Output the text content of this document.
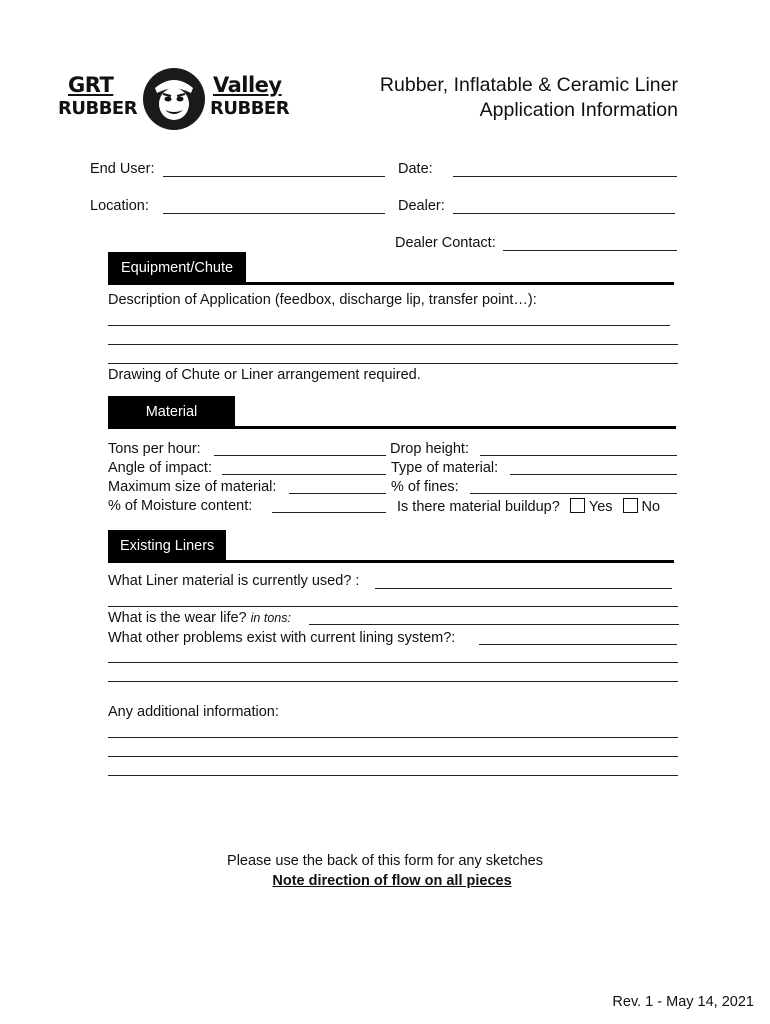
GRT
RUBBER
Valley
RUBBER
Rubber, Inflatable & Ceramic Liner
Application Information
End User:	Date:
Location:	Dealer:
Dealer Contact:
Equipment/Chute
Description of Application (feedbox, discharge lip, transfer point…):
Drawing of Chute or Liner arrangement required.
Material
Tons per hour:	Drop height:
Angle of impact:	Type of material:
Maximum size of material:	% of fines:
% of Moisture content:	Is there material buildup? Yes No
Existing Liners
What Liner material is currently used? :
What is the wear life? in tons:
What other problems exist with current lining system?:
Any additional information:
Please use the back of this form for any sketches
Note direction of flow on all pieces
Rev. 1 - May 14, 2021
